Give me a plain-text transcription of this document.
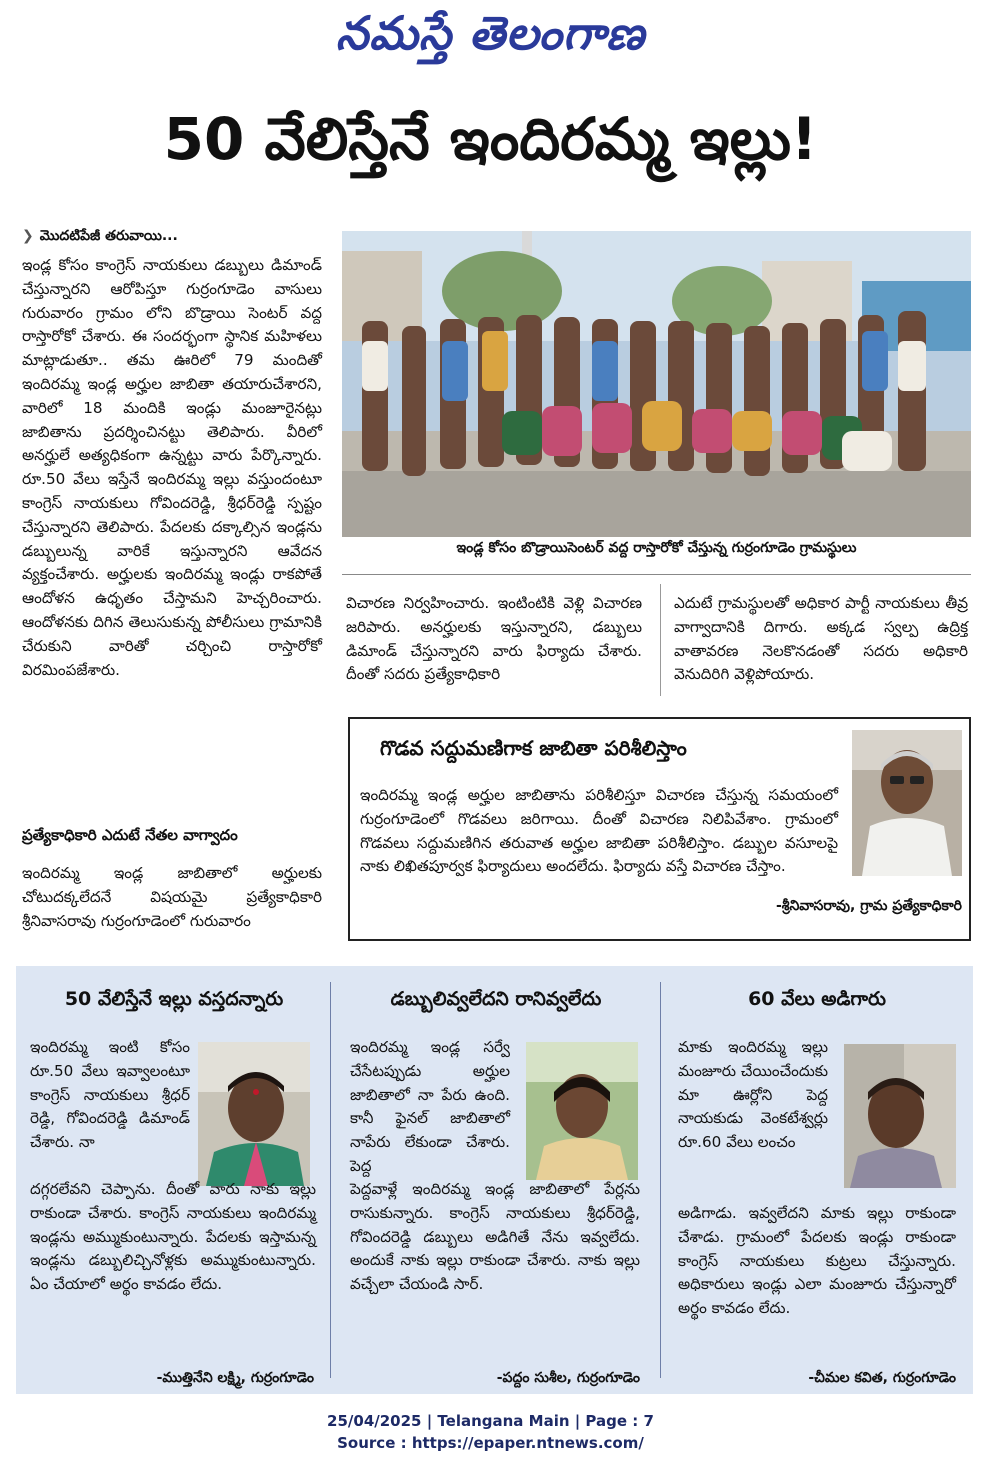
నమస్తే తెలంగాణ
50 వేలిస్తేనే ఇందిరమ్మ ఇల్లు!
❯ మొదటిపేజీ తరువాయి...

ఇండ్ల కోసం కాంగ్రెస్ నాయకులు డబ్బులు డిమాండ్ చేస్తున్నారని ఆరోపిస్తూ గుర్రంగూడెం వాసులు గురువారం గ్రామం లోని బొడ్రాయి సెంటర్ వద్ద రాస్తారోకో చేశారు. ఈ సందర్భంగా స్థానిక మహిళలు మాట్లాడుతూ.. తమ ఊరిలో 79 మందితో ఇందిరమ్మ ఇండ్ల అర్హుల జాబితా తయారుచేశారని, వారిలో 18 మందికి ఇండ్లు మంజూరైనట్లు జాబితాను ప్రదర్శించినట్టు తెలిపారు. వీరిలో అనర్హులే అత్యధికంగా ఉన్నట్టు వారు పేర్కొన్నారు. రూ.50 వేలు ఇస్తేనే ఇందిరమ్మ ఇల్లు వస్తుందంటూ కాంగ్రెస్ నాయకులు గోవిందరెడ్డి, శ్రీధర్‌రెడ్డి స్పష్టం చేస్తున్నారని తెలిపారు. పేదలకు దక్కాల్సిన ఇండ్లను డబ్బులున్న వారికే ఇస్తున్నారని ఆవేదన వ్యక్తంచేశారు. అర్హులకు ఇందిరమ్మ ఇండ్లు రాకపోతే ఆందోళన ఉధృతం చేస్తామని హెచ్చరించారు. ఆందోళనకు దిగిన తెలుసుకున్న పోలీసులు గ్రామానికి చేరుకుని వారితో చర్చించి రాస్తారోకో విరమింపజేశారు.

ప్రత్యేకాధికారి ఎదుటే నేతల వాగ్వాదం

ఇందిరమ్మ ఇండ్ల జాబితాలో అర్హులకు చోటుదక్కలేదనే విషయమై ప్రత్యేకాధికారి శ్రీనివాసరావు గుర్రంగూడెంలో గురువారం

ఇండ్ల కోసం బొడ్రాయిసెంటర్ వద్ద రాస్తారోకో చేస్తున్న గుర్రంగూడెం గ్రామస్థులు

విచారణ నిర్వహించారు. ఇంటింటికి వెళ్లి విచారణ జరిపారు. అనర్హులకు ఇస్తున్నారని, డబ్బులు డిమాండ్ చేస్తున్నారని వారు ఫిర్యాదు చేశారు. దీంతో సదరు ప్రత్యేకాధికారి

ఎదుటే గ్రామస్థులతో అధికార పార్టీ నాయకులు తీవ్ర వాగ్వాదానికి దిగారు. అక్కడ స్వల్ప ఉద్రిక్త వాతావరణ నెలకొనడంతో సదరు అధికారి వెనుదిరిగి వెళ్లిపోయారు.

గొడవ సద్దుమణిగాక జాబితా పరిశీలిస్తాం

ఇందిరమ్మ ఇండ్ల అర్హుల జాబితాను పరిశీలిస్తూ విచారణ చేస్తున్న సమయంలో గుర్రంగూడెంలో గొడవలు జరిగాయి. దీంతో విచారణ నిలిపివేశాం. గ్రామంలో గొడవలు సద్దుమణిగిన తరువాత అర్హుల జాబితా పరిశీలిస్తాం. డబ్బుల వసూలపై నాకు లిఖితపూర్వక ఫిర్యాదులు అందలేదు. ఫిర్యాదు వస్తే విచారణ చేస్తాం.

-శ్రీనివాసరావు, గ్రామ ప్రత్యేకాధికారి
50 వేలిస్తేనే ఇల్లు వస్తదన్నారు

ఇందిరమ్మ ఇంటి కోసం రూ.50 వేలు ఇవ్వాలంటూ కాంగ్రెస్ నాయకులు శ్రీధర్ రెడ్డి, గోవిందరెడ్డి డిమాండ్ చేశారు. నా

దగ్గరలేవని చెప్పాను. దీంతో వారు నాకు ఇల్లు రాకుండా చేశారు. కాంగ్రెస్ నాయకులు ఇందిరమ్మ ఇండ్లను అమ్ముకుంటున్నారు. పేదలకు ఇస్తామన్న ఇండ్లను డబ్బులిచ్చినోళ్లకు అమ్ముకుంటున్నారు. ఏం చేయాలో అర్థం కావడం లేదు.

-ముత్తినేని లక్ష్మి, గుర్రంగూడెం
డబ్బులివ్వలేదని రానివ్వలేదు

ఇందిరమ్మ ఇండ్ల సర్వే చేసేటప్పుడు అర్హుల జాబితాలో నా పేరు ఉంది. కానీ ఫైనల్ జాబితాలో నాపేరు లేకుండా చేశారు. పెద్ద

పెద్దవాళ్లే ఇందిరమ్మ ఇండ్ల జాబితాలో పేర్లను రాసుకున్నారు. కాంగ్రెస్ నాయకులు శ్రీధర్‌రెడ్డి, గోవిందరెడ్డి డబ్బులు అడిగితే నేను ఇవ్వలేదు. అందుకే నాకు ఇల్లు రాకుండా చేశారు. నాకు ఇల్లు వచ్చేలా చేయండి సార్.

-పద్దం సుశీల, గుర్రంగూడెం
60 వేలు అడిగారు

మాకు ఇందిరమ్మ ఇల్లు మంజూరు చేయించేందుకు మా ఊర్లోని పెద్ద నాయకుడు వెంకటేశ్వర్లు రూ.60 వేలు లంచం

అడిగాడు. ఇవ్వలేదని మాకు ఇల్లు రాకుండా చేశాడు. గ్రామంలో పేదలకు ఇండ్లు రాకుండా కాంగ్రెస్ నాయకులు కుట్రలు చేస్తున్నారు. అధికారులు ఇండ్లు ఎలా మంజూరు చేస్తున్నారో అర్థం కావడం లేదు.

-చీమల కవిత, గుర్రంగూడెం
25/04/2025 | Telangana Main | Page : 7
Source : https://epaper.ntnews.com/
